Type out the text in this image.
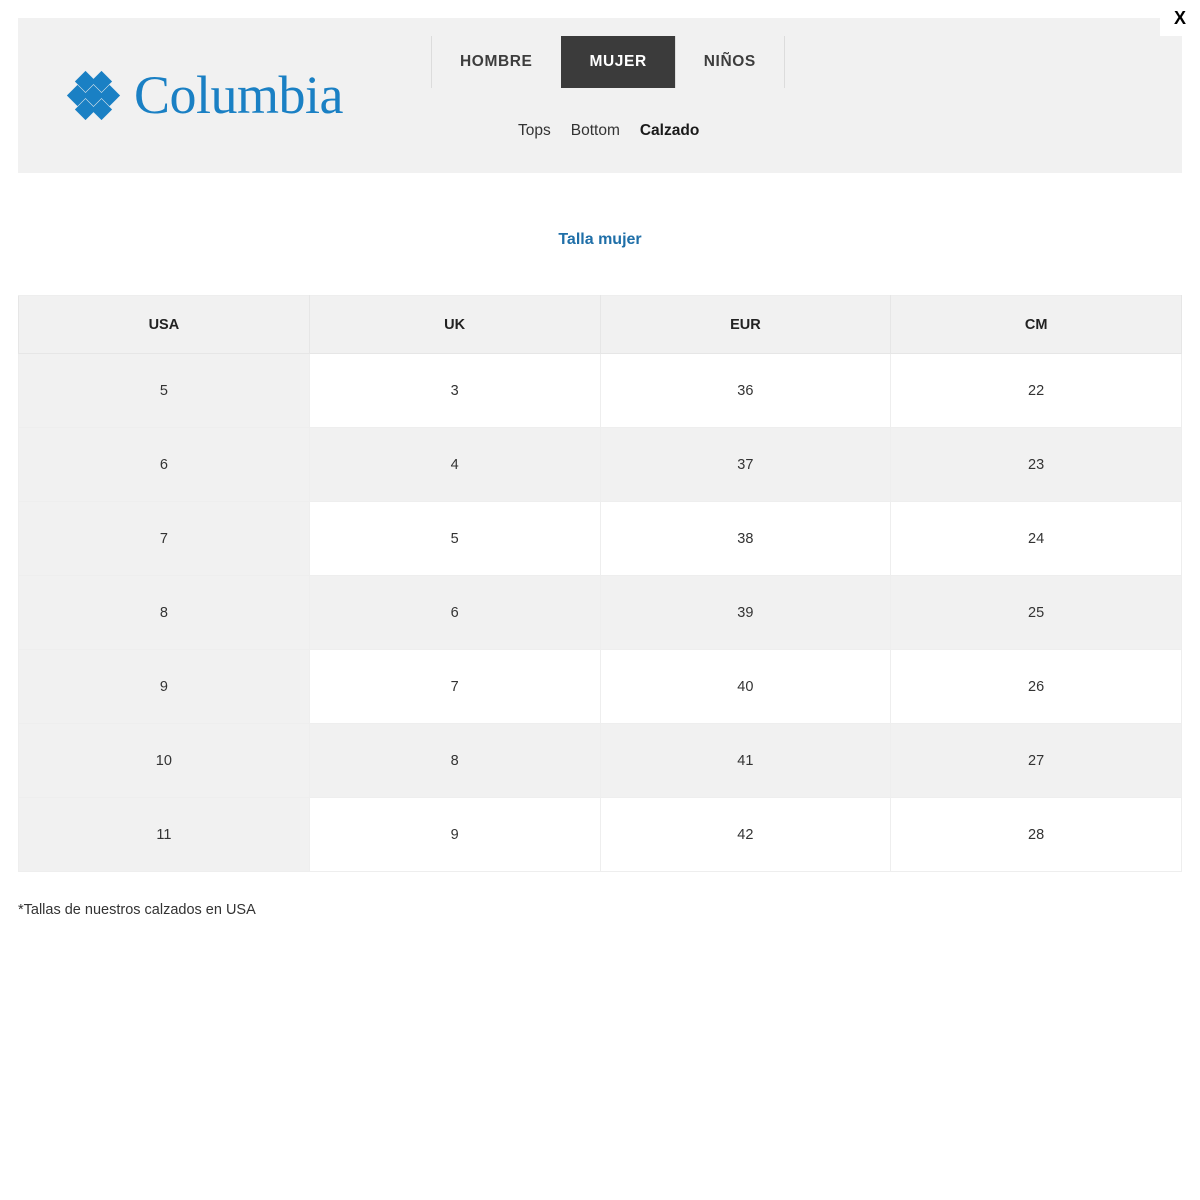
X
Columbia
HOMBRE	MUJER	NIÑOS
Tops Bottom Calzado
Talla mujer
USA	UK	EUR	CM
5	3	36	22
6	4	37	23
7	5	38	24
8	6	39	25
9	7	40	26
10	8	41	27
11	9	42	28
*Tallas de nuestros calzados en USA
